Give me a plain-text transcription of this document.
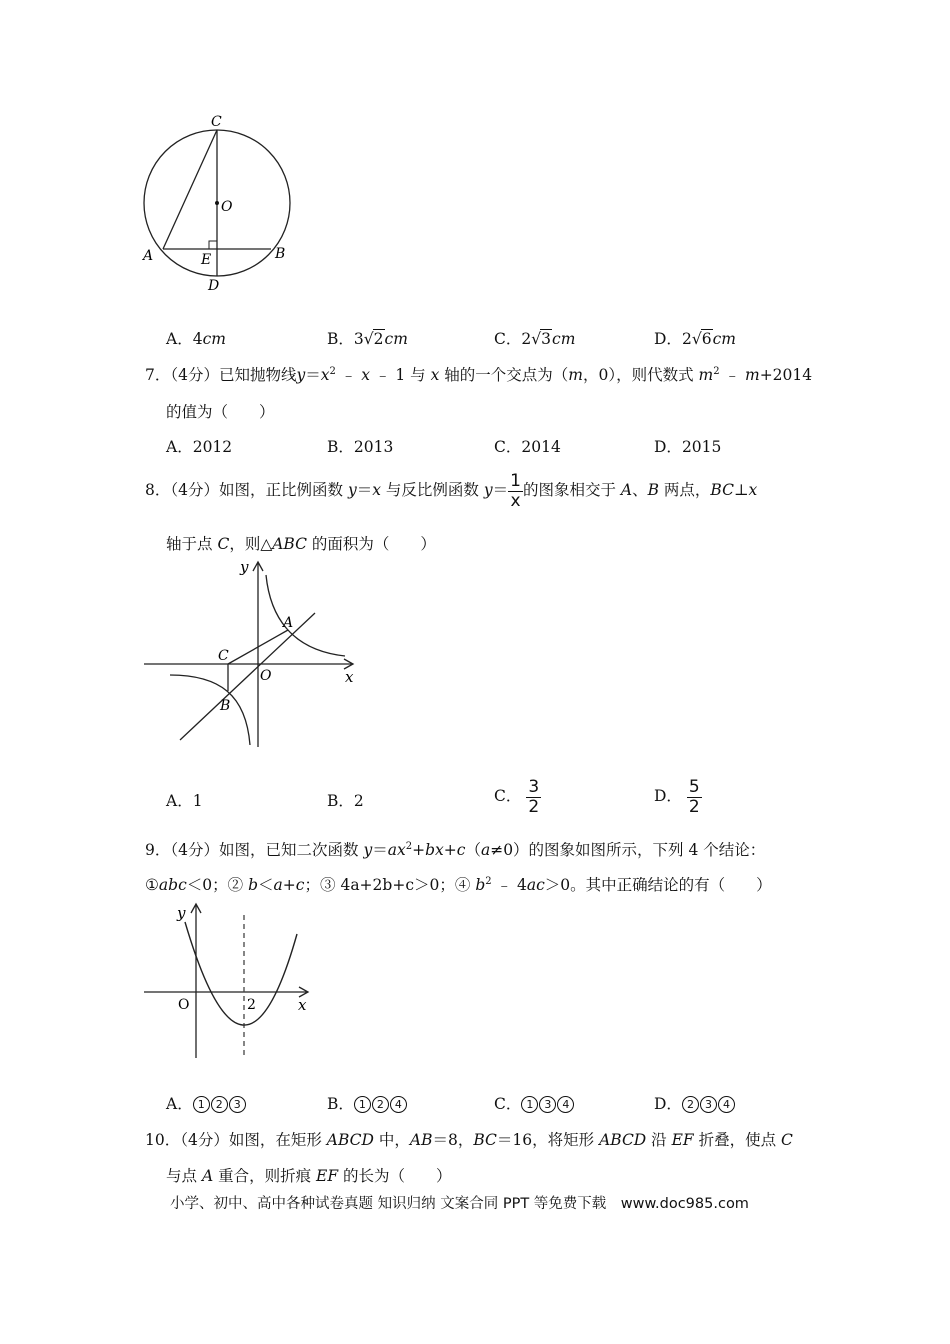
C
O
A	B
E
D
A．4cm	B．3√2cm	C．2√3cm	D．2√6cm
7．（4分）已知抛物线$y=x^2$ ﹣ x ﹣ 1 与 x 轴的一个交点为（m，0），则代数式 $m^2$ ﹣ m+2014
的值为（　　）
A．2012	B．2013	C．2014	D．2015
8．（4分）如图，正比例函数 y＝x 与反比例函数 $y= \frac{1}{x}$ 的图象相交于 A、B 两点，BC⊥x
轴于点 C，则△ABC 的面积为（　　）
y
x
O
A
B
C
A．1	B．2	C． $\frac{3}{2}$	D． $\frac{5}{2}$
9．（4分）如图，已知二次函数 $y=ax^2+bx+c(a\ne 0)$的图象如图所示，下列 4 个结论：
①abc＜0；② b＜a+c；③ 4a+2b+c＞0；④ $b^2$ ﹣ 4ac＞0。其中正确结论的有（　　）
y
x
O	2
A． 1 2 3	B． 1 2 4	C． 1 3 4	D． 2 3 4
10．（4分）如图，在矩形 ABCD 中，AB＝8，BC＝16，将矩形 ABCD 沿 EF 折叠，使点 C
与点 A 重合，则折痕 EF 的长为（　　）
小学、初中、高中各种试卷真题 知识归纳 文案合同 PPT 等免费下载　www.doc985.com
